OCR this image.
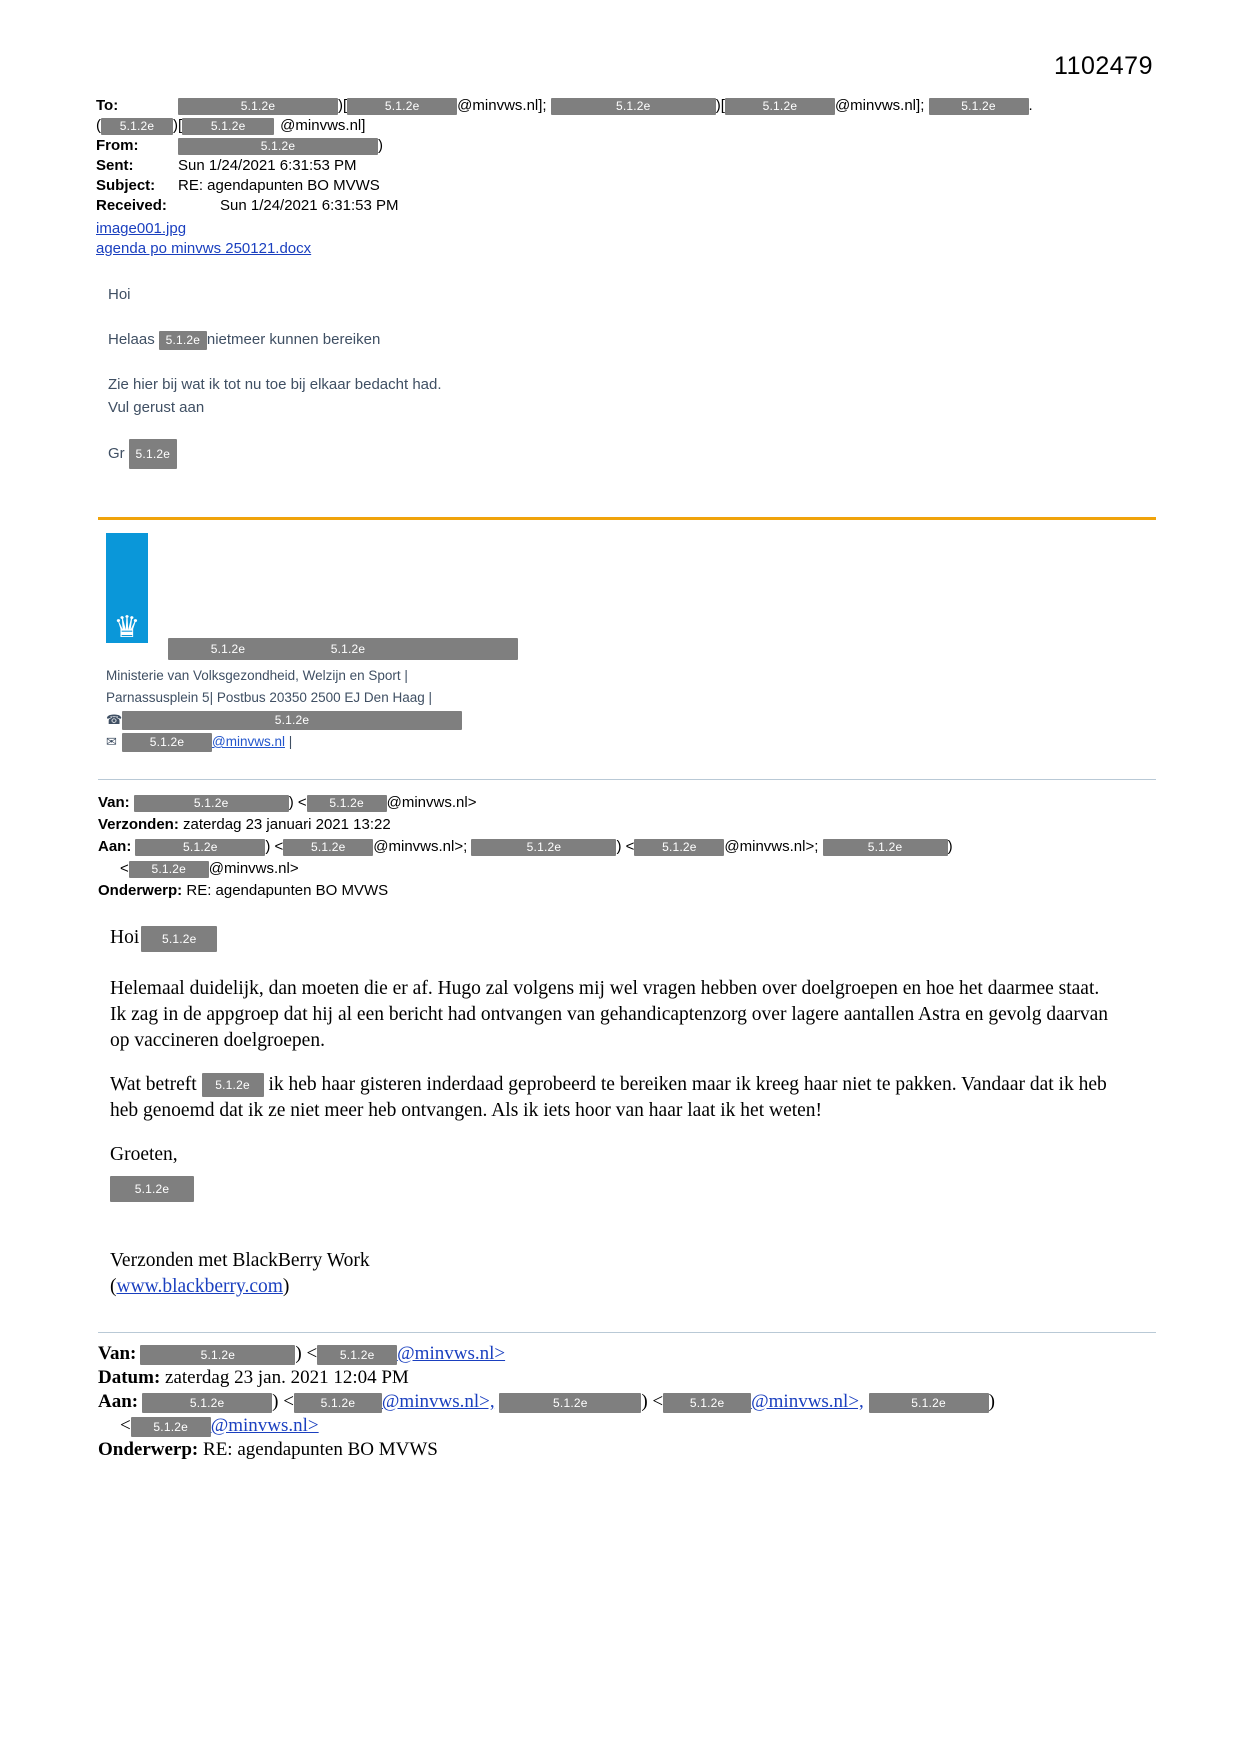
1102479
To:	5.1.2e	)[	5.1.2e	@minvws.nl];	5.1.2e	)[	5.1.2e	@minvws.nl];	5.1.2e .
( 5.1.2e )[ 5.1.2e @minvws.nl]
From:	5.1.2e	)
Sent:	Sun 1/24/2021 6:31:53 PM
Subject: RE: agendapunten BO MVWS
Received:	Sun 1/24/2021 6:31:53 PM
image001.jpg
agenda po minvws 250121.docx

Hoi

Helaas 5.1.2e nietmeer kunnen bereiken

Zie hier bij wat ik tot nu toe bij elkaar bedacht had.
Vul gerust aan

Gr 5.1.2e

♛
5.1.2e	5.1.2e
Ministerie van Volksgezondheid, Welzijn en Sport |
Parnassusplein 5| Postbus 20350 2500 EJ Den Haag |
☎	5.1.2e
✉	5.1.2e @minvws.nl |
Van:	5.1.2e	) < 5.1.2e @minvws.nl>
Verzonden: zaterdag 23 januari 2021 13:22
Aan:	5.1.2e	) < 5.1.2e @minvws.nl>;	5.1.2e	) < 5.1.2e @minvws.nl>;	5.1.2e	)
< 5.1.2e @minvws.nl>
Onderwerp: RE: agendapunten BO MVWS

Hoi 5.1.2e

Helemaal duidelijk, dan moeten die er af. Hugo zal volgens mij wel vragen hebben over doelgroepen en hoe het daarmee staat. Ik zag in de appgroep dat hij al een bericht had ontvangen van gehandicaptenzorg over lagere aantallen Astra en gevolg daarvan op vaccineren doelgroepen.

Wat betreft 5.1.2e ik heb haar gisteren inderdaad geprobeerd te bereiken maar ik kreeg haar niet te pakken. Vandaar dat ik heb heb genoemd dat ik ze niet meer heb ontvangen. Als ik iets hoor van haar laat ik het weten!

Groeten,

5.1.2e

Verzonden met BlackBerry Work

(www.blackberry.com)

Van:	5.1.2e	) < 5.1.2e @minvws.nl>
Datum: zaterdag 23 jan. 2021 12:04 PM
Aan:	5.1.2e	) < 5.1.2e @minvws.nl>,	5.1.2e	) < 5.1.2e @minvws.nl>,	5.1.2e )
< 5.1.2e @minvws.nl>
Onderwerp: RE: agendapunten BO MVWS
